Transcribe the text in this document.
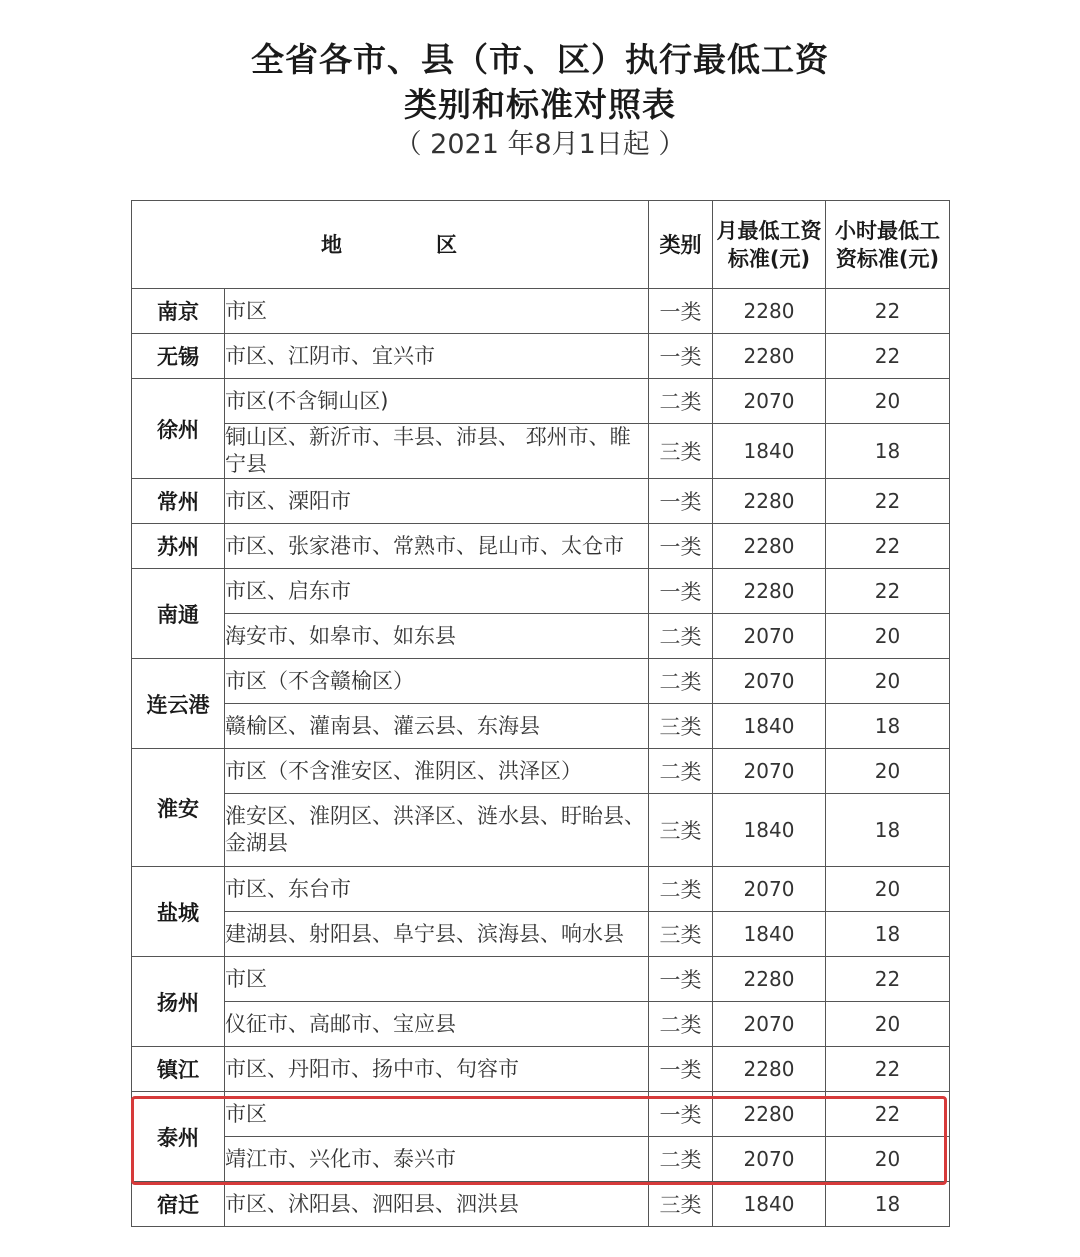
全省各市、县（市、区）执行最低工资
类别和标准对照表
（ 2021 年8月1日起 ）
地　　　　区		类别	月最低工资标准(元)	小时最低工资标准(元)
南京	市区	一类	2280	22
无锡	市区、江阴市、宜兴市	一类	2280	22
徐州	市区(不含铜山区)	二类	2070	20
	铜山区、新沂市、丰县、沛县、 邳州市、睢宁县	三类	1840	18
常州	市区、溧阳市	一类	2280	22
苏州	市区、张家港市、常熟市、昆山市、太仓市	一类	2280	22
南通	市区、启东市	一类	2280	22
	海安市、如皋市、如东县	二类	2070	20
连云港	市区（不含赣榆区）	二类	2070	20
	赣榆区、灌南县、灌云县、东海县	三类	1840	18
淮安	市区（不含淮安区、淮阴区、洪泽区）	二类	2070	20
	淮安区、淮阴区、洪泽区、涟水县、盱眙县、金湖县	三类	1840	18
盐城	市区、东台市	二类	2070	20
	建湖县、射阳县、阜宁县、滨海县、响水县	三类	1840	18
扬州	市区	一类	2280	22
	仪征市、高邮市、宝应县	二类	2070	20
镇江	市区、丹阳市、扬中市、句容市	一类	2280	22
泰州	市区	一类	2280	22
	靖江市、兴化市、泰兴市	二类	2070	20
宿迁	市区、沭阳县、泗阳县、泗洪县	三类	1840	18
